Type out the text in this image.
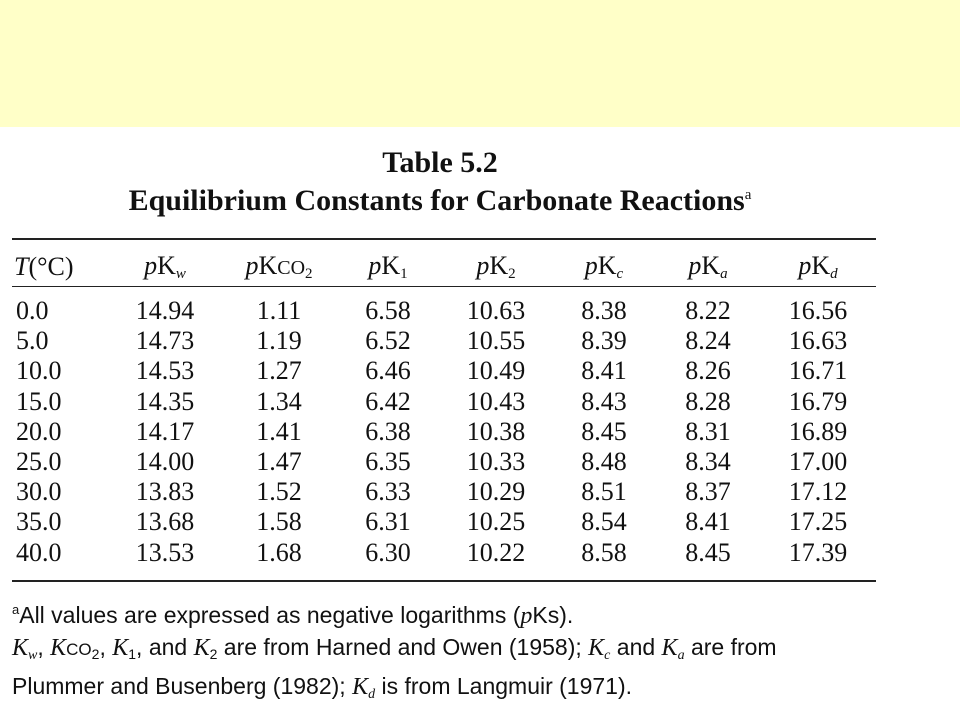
Table 5.2
Equilibrium Constants for Carbonate Reactions$^a$
T(°C)	pKw	pKCO$_2$	$pK_1$	$pK_2$	pKc	pKa	pKd
0.0	14.94	1.11	6.58	10.63	8.38	8.22	16.56
5.0	14.73	1.19	6.52	10.55	8.39	8.24	16.63
10.0	14.53	1.27	6.46	10.49	8.41	8.26	16.71
15.0	14.35	1.34	6.42	10.43	8.43	8.28	16.79
20.0	14.17	1.41	6.38	10.38	8.45	8.31	16.89
25.0	14.00	1.47	6.35	10.33	8.48	8.34	17.00
30.0	13.83	1.52	6.33	10.29	8.51	8.37	17.12
35.0	13.68	1.58	6.31	10.25	8.54	8.41	17.25
40.0	13.53	1.68	6.30	10.22	8.58	8.45	17.39
$^a$All values are expressed as negative logarithms (pKs).
Kw, KCO2, K1, and K2 are from Harned and Owen (1958); Kc and Ka are from
Plummer and Busenberg (1982); Kd is from Langmuir (1971).
